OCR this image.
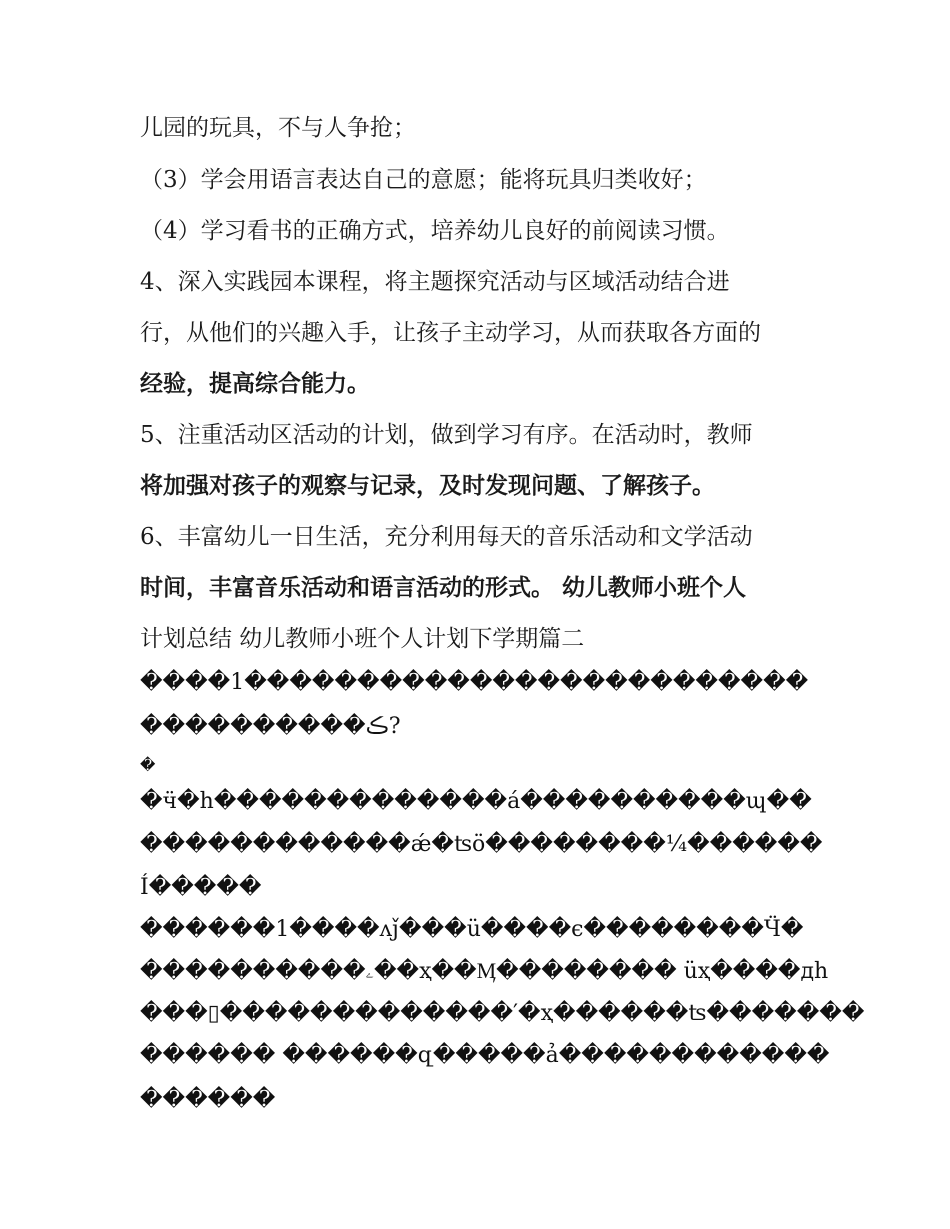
儿园的玩具，不与人争抢；
（3）学会用语言表达自己的意愿；能将玩具归类收好；
（4）学习看书的正确方式，培养幼儿良好的前阅读习惯。
4、深入实践园本课程，将主题探究活动与区域活动结合进
行，从他们的兴趣入手，让孩子主动学习，从而获取各方面的
经验，提高综合能力。
5、注重活动区活动的计划，做到学习有序。在活动时，教师
将加强对孩子的观察与记录，及时发现问题、了解孩子。
6、丰富幼儿一日生活，充分利用每天的音乐活动和文学活动
时间，丰富音乐活动和语言活动的形式。 幼儿教师小班个人
计划总结 幼儿教师小班个人计划下学期篇二
����1�������������������������
����������ڪ?
�
�ӵ�h�������������á����������ɰ��
������������ǽ�ʦö��������¼������
Í�����
������1����ʌǰ���ü����є��������Ӵ�
����������ۦ��ҳ��Ӎ�������� üҳ����дh
���▯�������������′�ҳ������ʦ�������
������ ������զ�����ả������������
������
